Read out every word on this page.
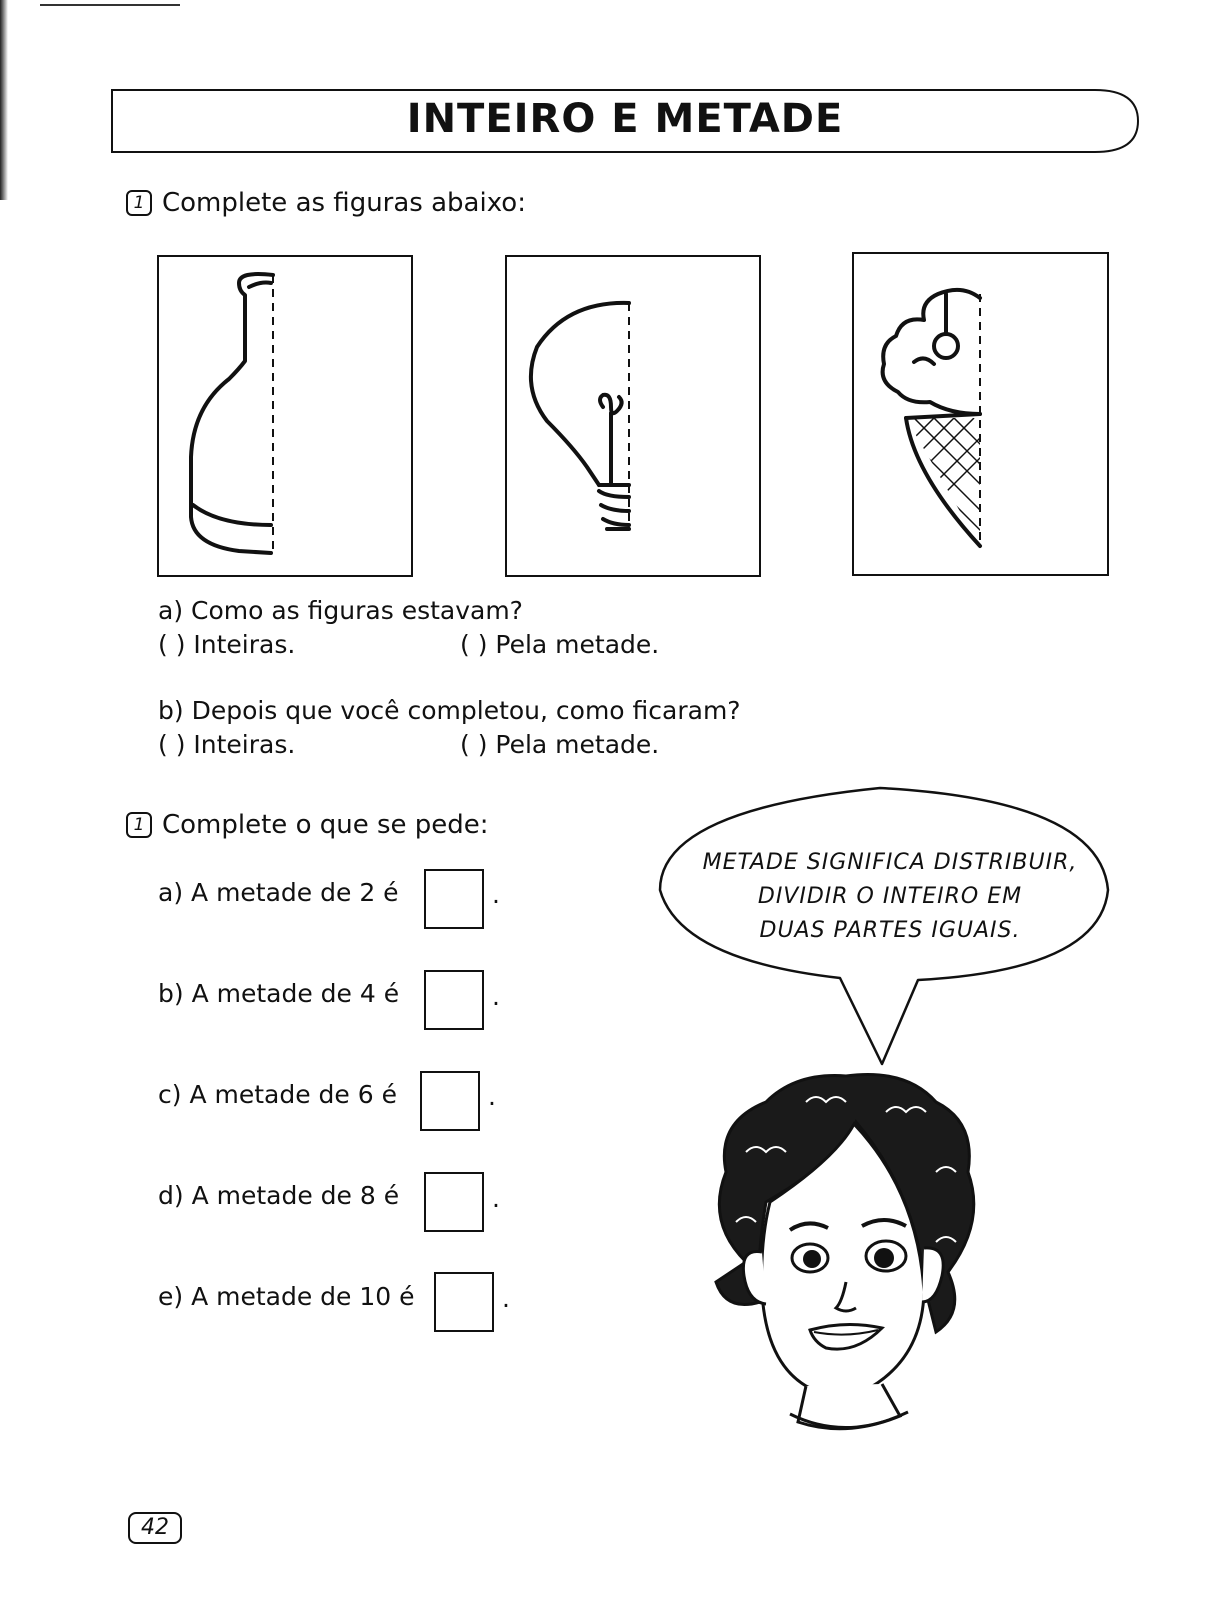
INTEIRO E METADE
1 Complete as figuras abaixo:
a) Como as figuras estavam?
( ) Inteiras.	( ) Pela metade.
b) Depois que você completou, como ficaram?
( ) Inteiras.	( ) Pela metade.
1 Complete o que se pede:
a) A metade de 2 é	.
b) A metade de 4 é	.
c) A metade de 6 é	.
d) A metade de 8 é	.
e) A metade de 10 é	.
METADE SIGNIFICA DISTRIBUIR,
DIVIDIR O INTEIRO EM
DUAS PARTES IGUAIS.
42
